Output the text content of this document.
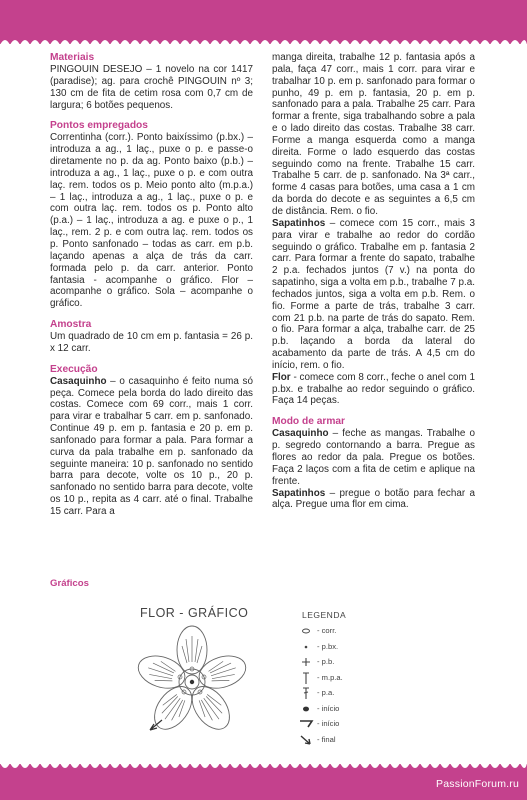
Materiais

PINGOUIN DESEJO – 1 novelo na cor 1417 (paradise); ag. para crochê PINGOUIN nº 3; 130 cm de fita de cetim rosa com 0,7 cm de largura; 6 botões pequenos.

Pontos empregados

Correntinha (corr.). Ponto baixíssimo (p.bx.) – introduza a ag., 1 laç., puxe o p. e passe-o diretamente no p. da ag. Ponto baixo (p.b.) – introduza a ag., 1 laç., puxe o p. e com outra laç. rem. todos os p. Meio ponto alto (m.p.a.) – 1 laç., introduza a ag., 1 laç., puxe o p. e com outra laç. rem. todos os p. Ponto alto (p.a.) – 1 laç., introduza a ag. e puxe o p., 1 laç., rem. 2 p. e com outra laç. rem. todos os p. Ponto sanfonado – todas as carr. em p.b. laçando apenas a alça de trás da carr. formada pelo p. da carr. anterior. Ponto fantasia - acompanhe o gráfico. Flor – acompanhe o gráfico. Sola – acompanhe o gráfico.

Amostra

Um quadrado de 10 cm em p. fantasia = 26 p. x 12 carr.

Execução

Casaquinho – o casaquinho é feito numa só peça. Comece pela borda do lado direito das costas. Comece com 69 corr., mais 1 corr. para virar e trabalhar 5 carr. em p. sanfonado. Continue 49 p. em p. fantasia e 20 p. em p. sanfonado para formar a pala. Para formar a curva da pala trabalhe em p. sanfonado da seguinte maneira: 10 p. sanfonado no sentido barra para decote, volte os 10 p., 20 p. sanfonado no sentido barra para decote, volte os 10 p., repita as 4 carr. até o final. Trabalhe 15 carr. Para a

manga direita, trabalhe 12 p. fantasia após a pala, faça 47 corr., mais 1 corr. para virar e trabalhar 10 p. em p. sanfonado para formar o punho, 49 p. em p. fantasia, 20 p. em p. sanfonado para a pala. Trabalhe 25 carr. Para formar a frente, siga trabalhando sobre a pala e o lado direito das costas. Trabalhe 38 carr. Forme a manga esquerda como a manga direita. Forme o lado esquerdo das costas seguindo como na frente. Trabalhe 15 carr. Trabalhe 5 carr. de p. sanfonado. Na 3ª carr., forme 4 casas para botões, uma casa a 1 cm da borda do decote e as seguintes a 6,5 cm de distância. Rem. o fio.

Sapatinhos – comece com 15 corr., mais 3 para virar e trabalhe ao redor do cordão seguindo o gráfico. Trabalhe em p. fantasia 2 carr. Para formar a frente do sapato, trabalhe 2 p.a. fechados juntos (7 v.) na ponta do sapatinho, siga a volta em p.b., trabalhe 7 p.a. fechados juntos, siga a volta em p.b. Rem. o fio. Forme a parte de trás, trabalhe 3 carr. com 21 p.b. na parte de trás do sapato. Rem. o fio. Para formar a alça, trabalhe carr. de 25 p.b. laçando a borda da lateral do acabamento da parte de trás. A 4,5 cm do início, rem. o fio.

Flor - comece com 8 corr., feche o anel com 1 p.bx. e trabalhe ao redor seguindo o gráfico. Faça 14 peças.

Modo de armar

Casaquinho – feche as mangas. Trabalhe o p. segredo contornando a barra. Pregue as flores ao redor da pala. Pregue os botões. Faça 2 laços com a fita de cetim e aplique na frente.

Sapatinhos – pregue o botão para fechar a alça. Pregue uma flor em cima.

Gráficos
FLOR - GRÁFICO	LEGENDA
- corr.
- p.bx.
- p.b.
- m.p.a.
- p.a.
- início
- início
- final
PassionForum.ru
